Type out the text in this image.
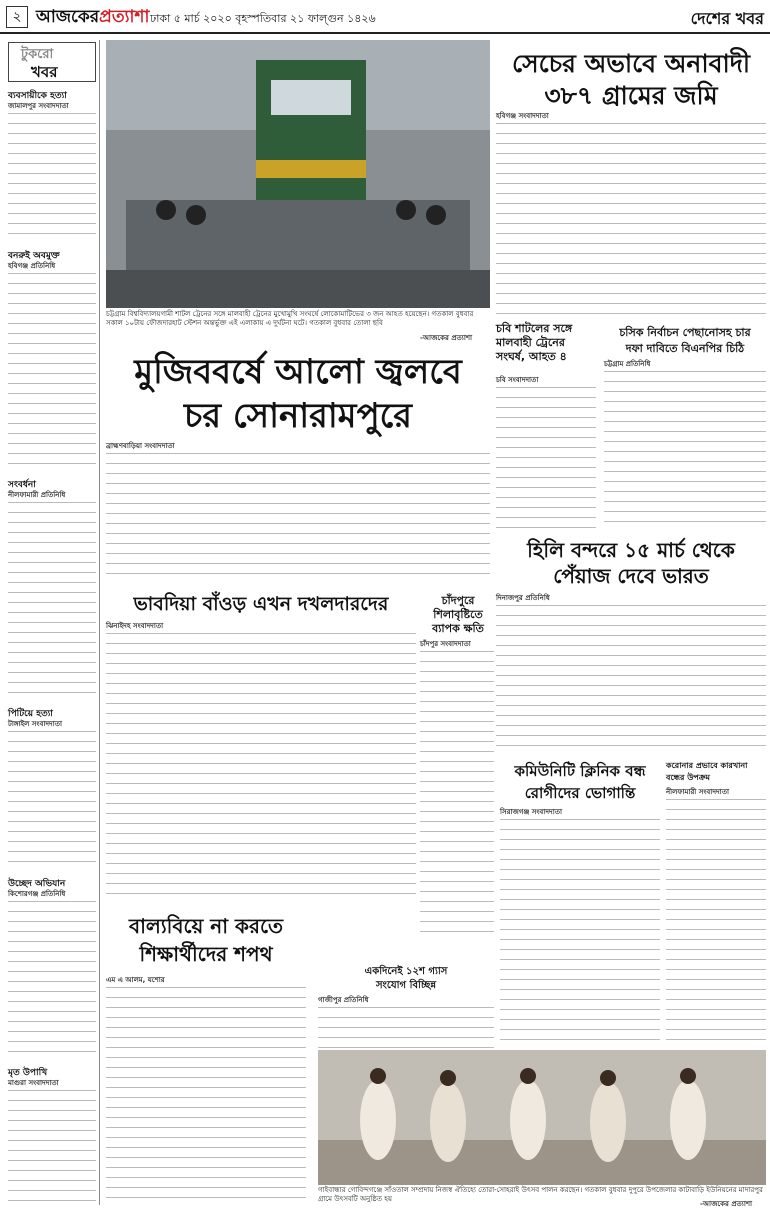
২ আজকেরপ্রত্যাশা ঢাকা ৫ মার্চ ২০২০ বৃহস্পতিবার ২১ ফাল্গুন ১৪২৬	দেশের খবর
টুকরো
খবর
ব্যবসায়ীকে হত্যা
জামালপুর সংবাদদাতা
বনরুই অবমুক্ত
হবিগঞ্জ প্রতিনিধি
সংবর্ধনা
নীলফামারী প্রতিনিধি
পিটিয়ে হত্যা
টাঙ্গাইল সংবাদদাতা
উচ্ছেদ অভিযান
কিশোরগঞ্জ প্রতিনিধি
মৃত উপাখি
মাগুরা সংবাদদাতা
চট্টগ্রাম বিশ্ববিদ্যালয়গামী শাটল ট্রেনের সঙ্গে মালবাহী ট্রেনের মুখোমুখি সংঘর্ষে লোকোমাটিভের ৩ জন আহত হয়েছেন। গতকাল বুধবার সকাল ১০টায় ফৌজদারহাট স্টেশন অন্তর্ভুক্ত এই এলাকায় এ দুর্ঘটনা ঘটে। গতকাল বুধবার তোলা ছবি
-আজকের প্রত্যাশা
সেচের অভাবে অনাবাদী
৩৮৭ গ্রামের জমি
হবিগঞ্জ সংবাদদাতা
চবি শাটলের সঙ্গে মালবাহী ট্রেনের সংঘর্ষ, আহত ৪
চবি সংবাদদাতা
চসিক নির্বাচন পেছানোসহ চার
দফা দাবিতে বিএনপির চিঠি
চট্টগ্রাম প্রতিনিধি
মুজিববর্ষে আলো জ্বলবে
চর সোনারামপুরে
ব্রাহ্মণবাড়িয়া সংবাদদাতা
হিলি বন্দরে ১৫ মার্চ থেকে
পেঁয়াজ দেবে ভারত
দিনাজপুর প্রতিনিধি
ভাবদিয়া বাঁওড় এখন দখলদারদের
ঝিনাইদহ সংবাদদাতা
চাঁদপুরে
শিলাবৃষ্টিতে
ব্যাপক ক্ষতি
চাঁদপুর সংবাদদাতা
কমিউনিটি ক্লিনিক বন্ধ
রোগীদের ভোগান্তি
সিরাজগঞ্জ সংবাদদাতা
করোনার প্রভাবে কারখানা
বন্ধের উপক্রম
নীলফামারী সংবাদদাতা
বাল্যবিয়ে না করতে
শিক্ষার্থীদের শপথ
এম এ আলম, যশোর
একদিনেই ১২শ গ্যাস
সংযোগ বিচ্ছিন্ন
গাজীপুর প্রতিনিধি
গাইবান্ধার গোবিন্দগঞ্জে সাঁওতাল সম্প্রদায় নিজস্ব ঐতিহ্যে তোরা-সোহরাই উৎসব পালন করছেন। গতকাল বুধবার দুপুরে উপজেলার কাটাবাড়ি ইউনিয়নের মাদারপুর গ্রামে উৎসবটি অনুষ্ঠিত হয়
-আজকের প্রত্যাশা
